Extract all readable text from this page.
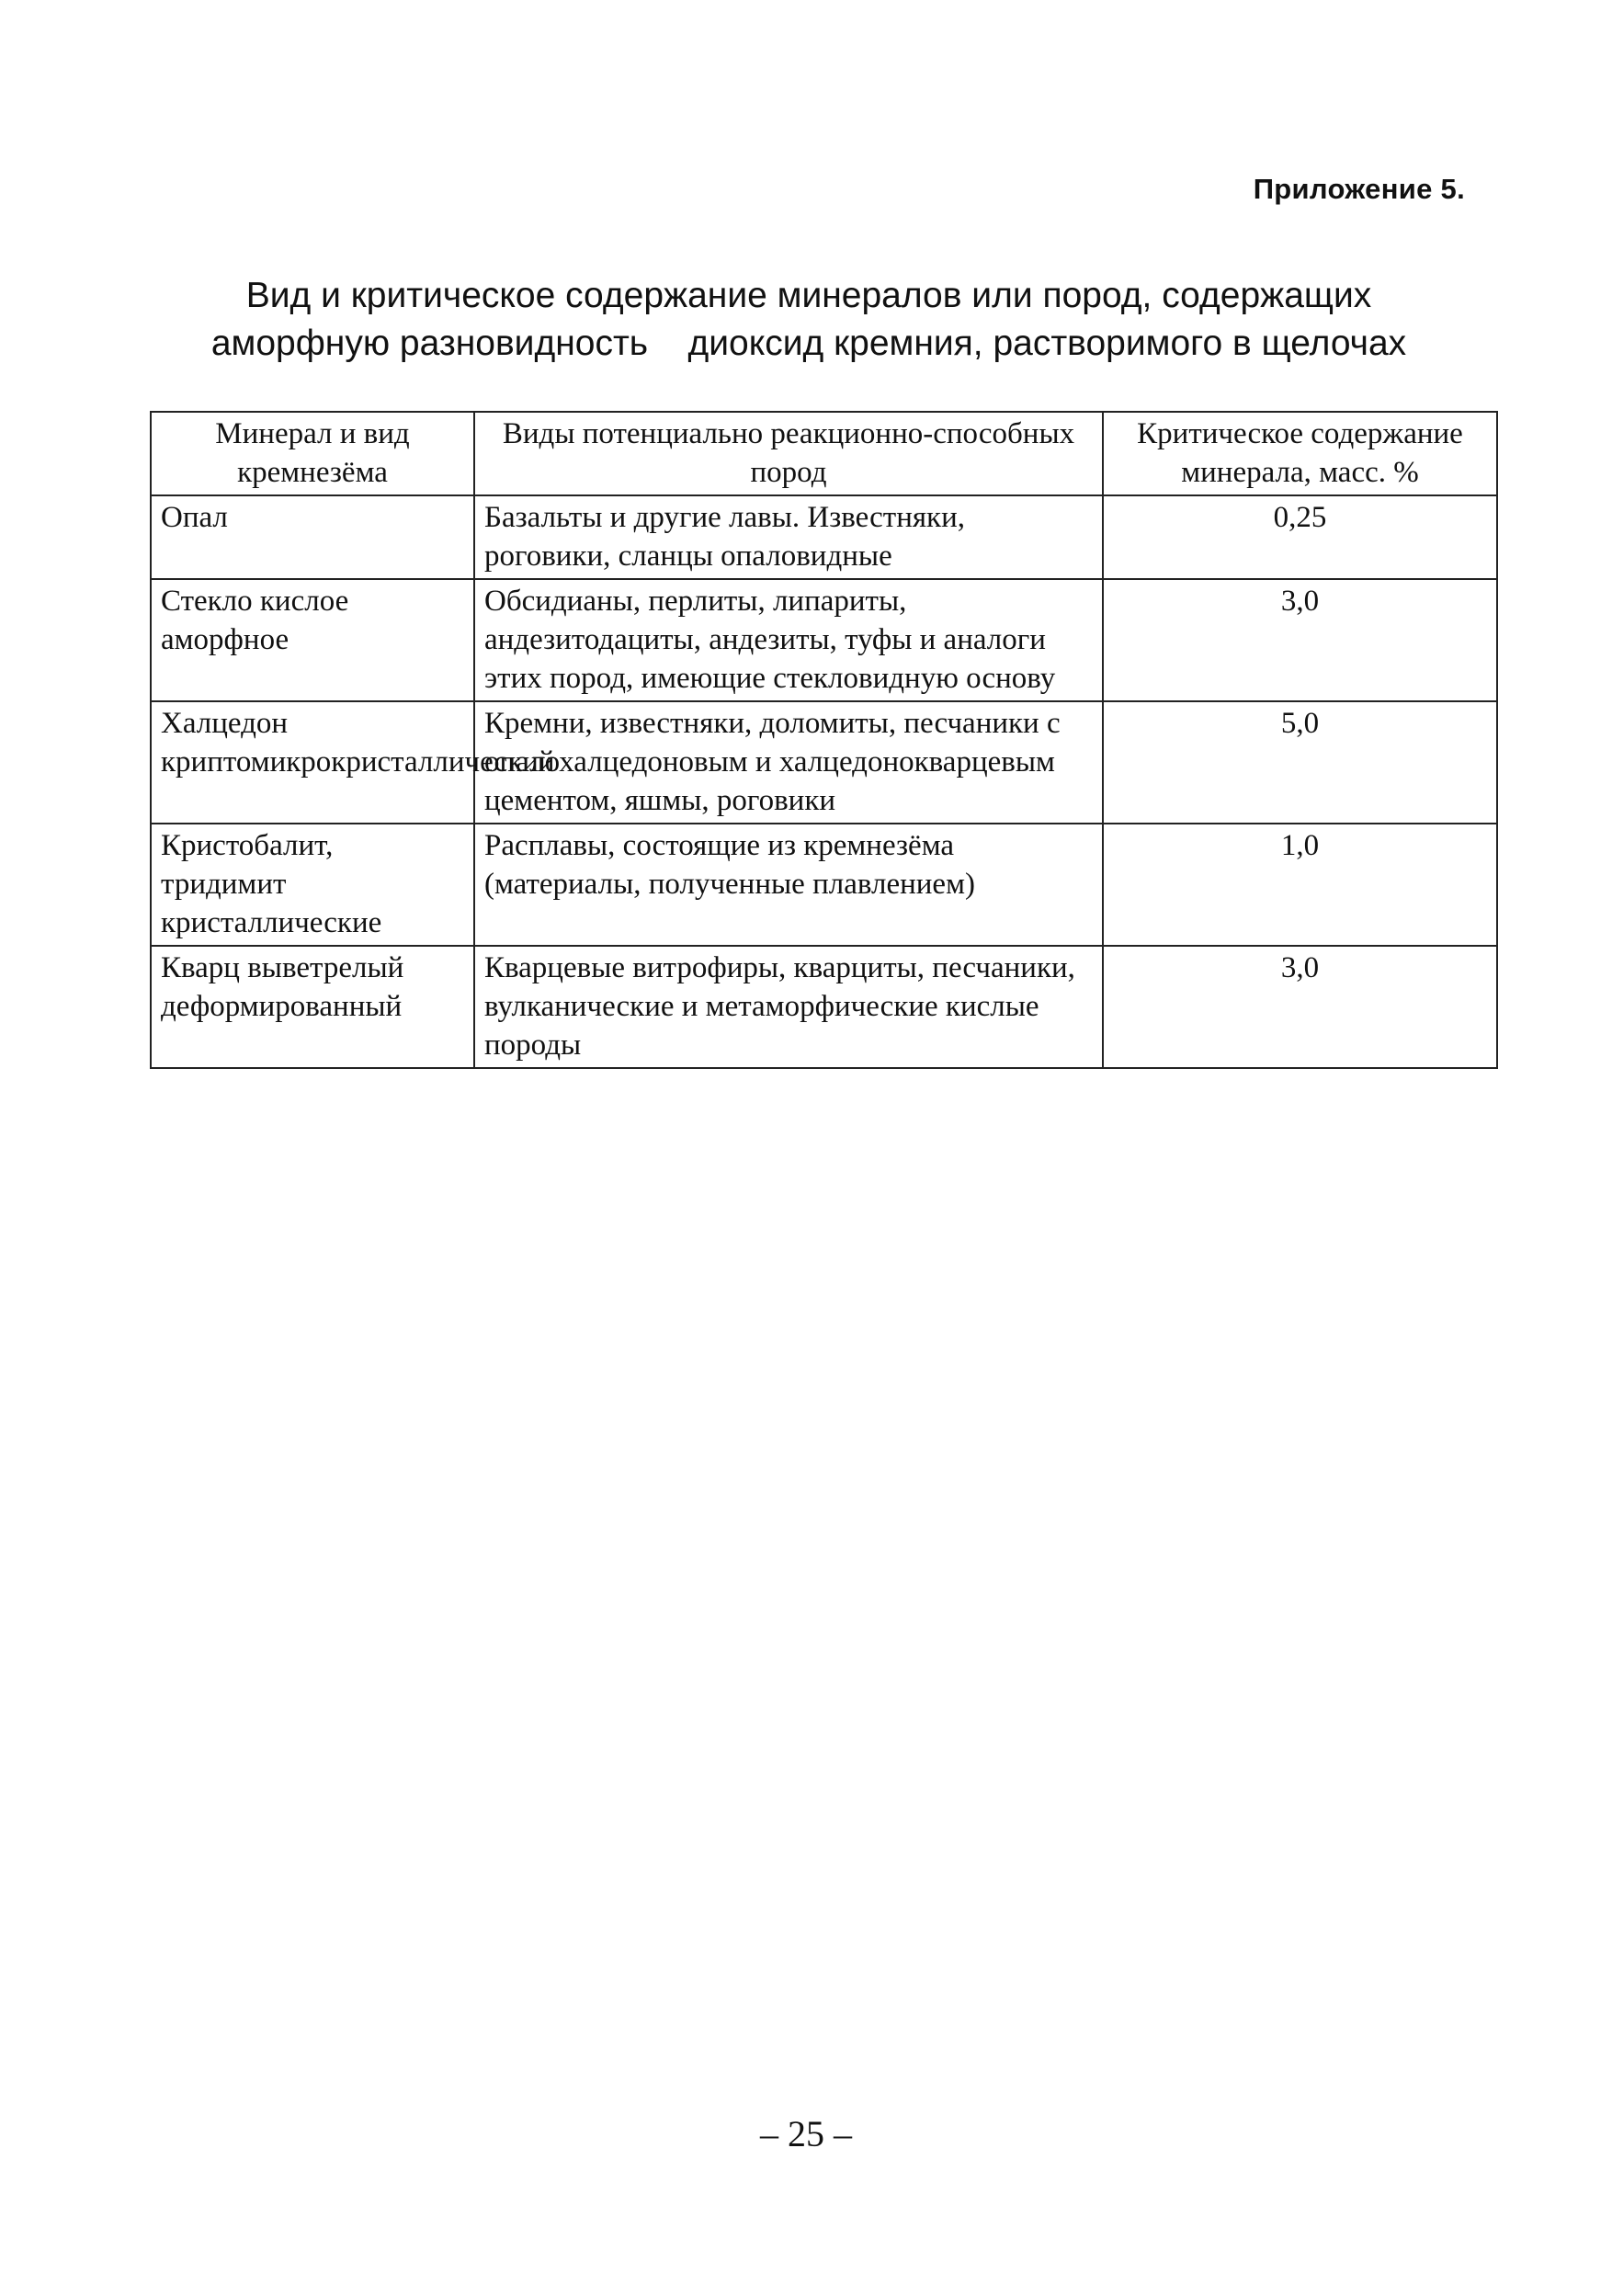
Приложение 5.
Вид и критическое содержание минералов или пород, содержащих
аморфную разновидность    диоксид кремния, растворимого в щелочах
Минерал и вид кремнезёма	Виды потенциально реакционно-способных пород	Критическое содержание минерала, масс. %
Опал	Базальты и другие лавы. Известняки, роговики, сланцы опаловидные	0,25
Стекло кислое аморфное	Обсидианы, перлиты, липариты, андезитодациты, андезиты, туфы и аналоги этих пород, имеющие стекловидную основу	3,0
Халцедон криптомикрокристаллический	Кремни, известняки, доломиты, песчаники с опалохалцедоновым и халцедонокварцевым цементом, яшмы, роговики	5,0
Кристобалит, тридимит кристаллические	Расплавы, состоящие из кремнезёма (материалы, полученные плавлением)	1,0
Кварц выветрелый деформированный	Кварцевые витрофиры, кварциты, песчаники, вулканические и метаморфические кислые породы	3,0
– 25 –
